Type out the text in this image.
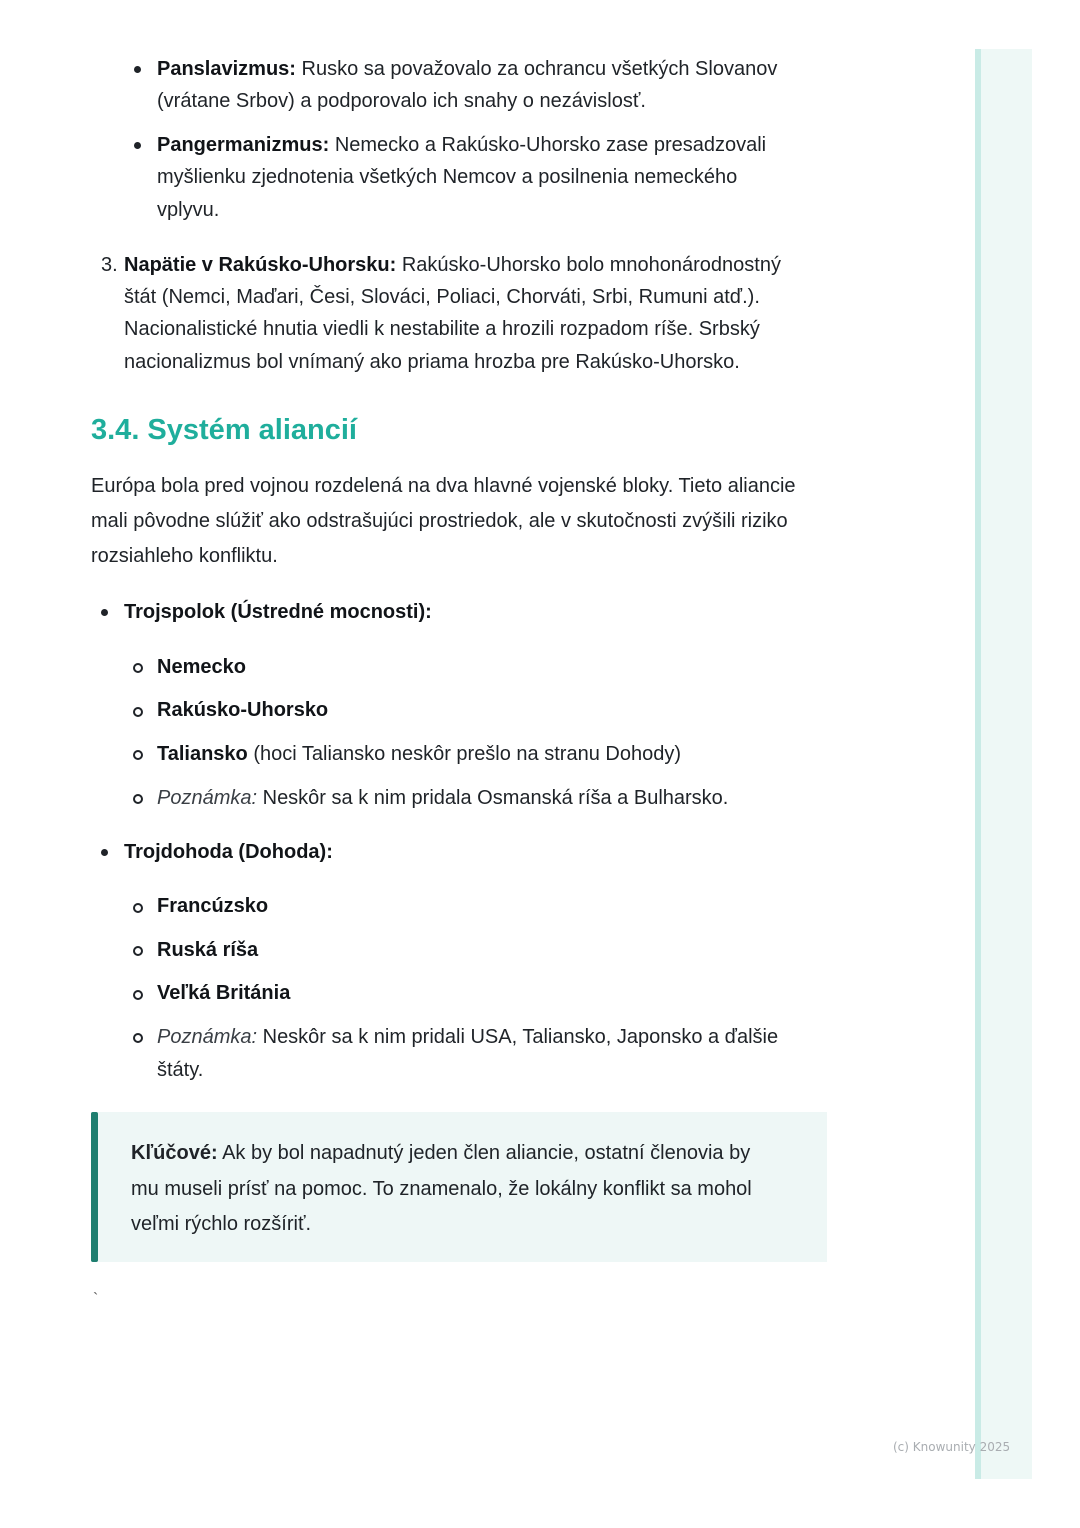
Panslavizmus: Rusko sa považovalo za ochrancu všetkých Slovanov
(vrátane Srbov) a podporovalo ich snahy o nezávislosť.
Pangermanizmus: Nemecko a Rakúsko-Uhorsko zase presadzovali
myšlienku zjednotenia všetkých Nemcov a posilnenia nemeckého
vplyvu.
3. Napätie v Rakúsko-Uhorsku: Rakúsko-Uhorsko bolo mnohonárodnostný
štát (Nemci, Maďari, Česi, Slováci, Poliaci, Chorváti, Srbi, Rumuni atď.).
Nacionalistické hnutia viedli k nestabilite a hrozili rozpadom ríše. Srbský
nacionalizmus bol vnímaný ako priama hrozba pre Rakúsko-Uhorsko.
3.4. Systém aliancií
Európa bola pred vojnou rozdelená na dva hlavné vojenské bloky. Tieto aliancie
mali pôvodne slúžiť ako odstrašujúci prostriedok, ale v skutočnosti zvýšili riziko
rozsiahleho konfliktu.
Trojspolok (Ústredné mocnosti):
Nemecko
Rakúsko-Uhorsko
Taliansko (hoci Taliansko neskôr prešlo na stranu Dohody)
Poznámka: Neskôr sa k nim pridala Osmanská ríša a Bulharsko.
Trojdohoda (Dohoda):
Francúzsko
Ruská ríša
Veľká Británia
Poznámka: Neskôr sa k nim pridali USA, Taliansko, Japonsko a ďalšie
štáty.
Kľúčové: Ak by bol napadnutý jeden člen aliancie, ostatní členovia by
mu museli prísť na pomoc. To znamenalo, že lokálny konflikt sa mohol
veľmi rýchlo rozšíriť.
`
(c) Knowunity 2025
